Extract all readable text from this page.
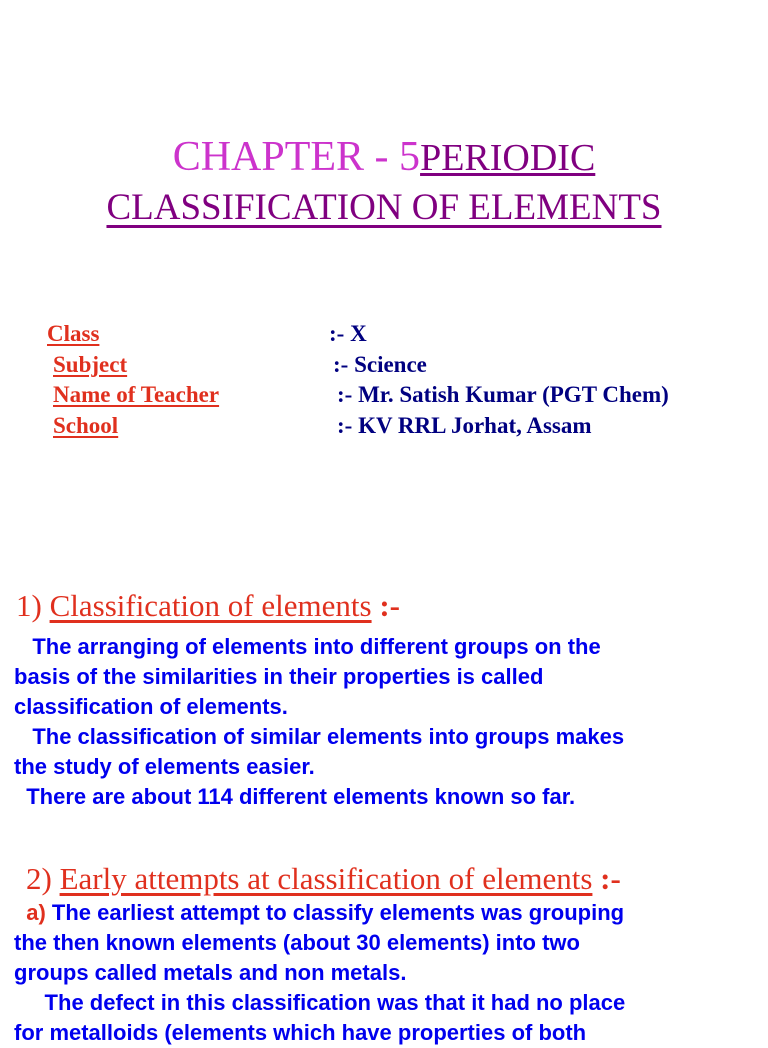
CHAPTER - 5PERIODIC
CLASSIFICATION OF ELEMENTS
Class	:- X
Subject	:- Science
Name of Teacher	:- Mr. Satish Kumar (PGT Chem)
School	:- KV RRL Jorhat, Assam
1) Classification of elements :-
The arranging of elements into different groups on the
basis of the similarities in their properties is called
classification of elements.
The classification of similar elements into groups makes
the study of elements easier.
There are about 114 different elements known so far.
2) Early attempts at classification of elements :-
a) The earliest attempt to classify elements was grouping
the then known elements (about 30 elements) into two
groups called metals and non metals.
The defect in this classification was that it had no place
for metalloids (elements which have properties of both
